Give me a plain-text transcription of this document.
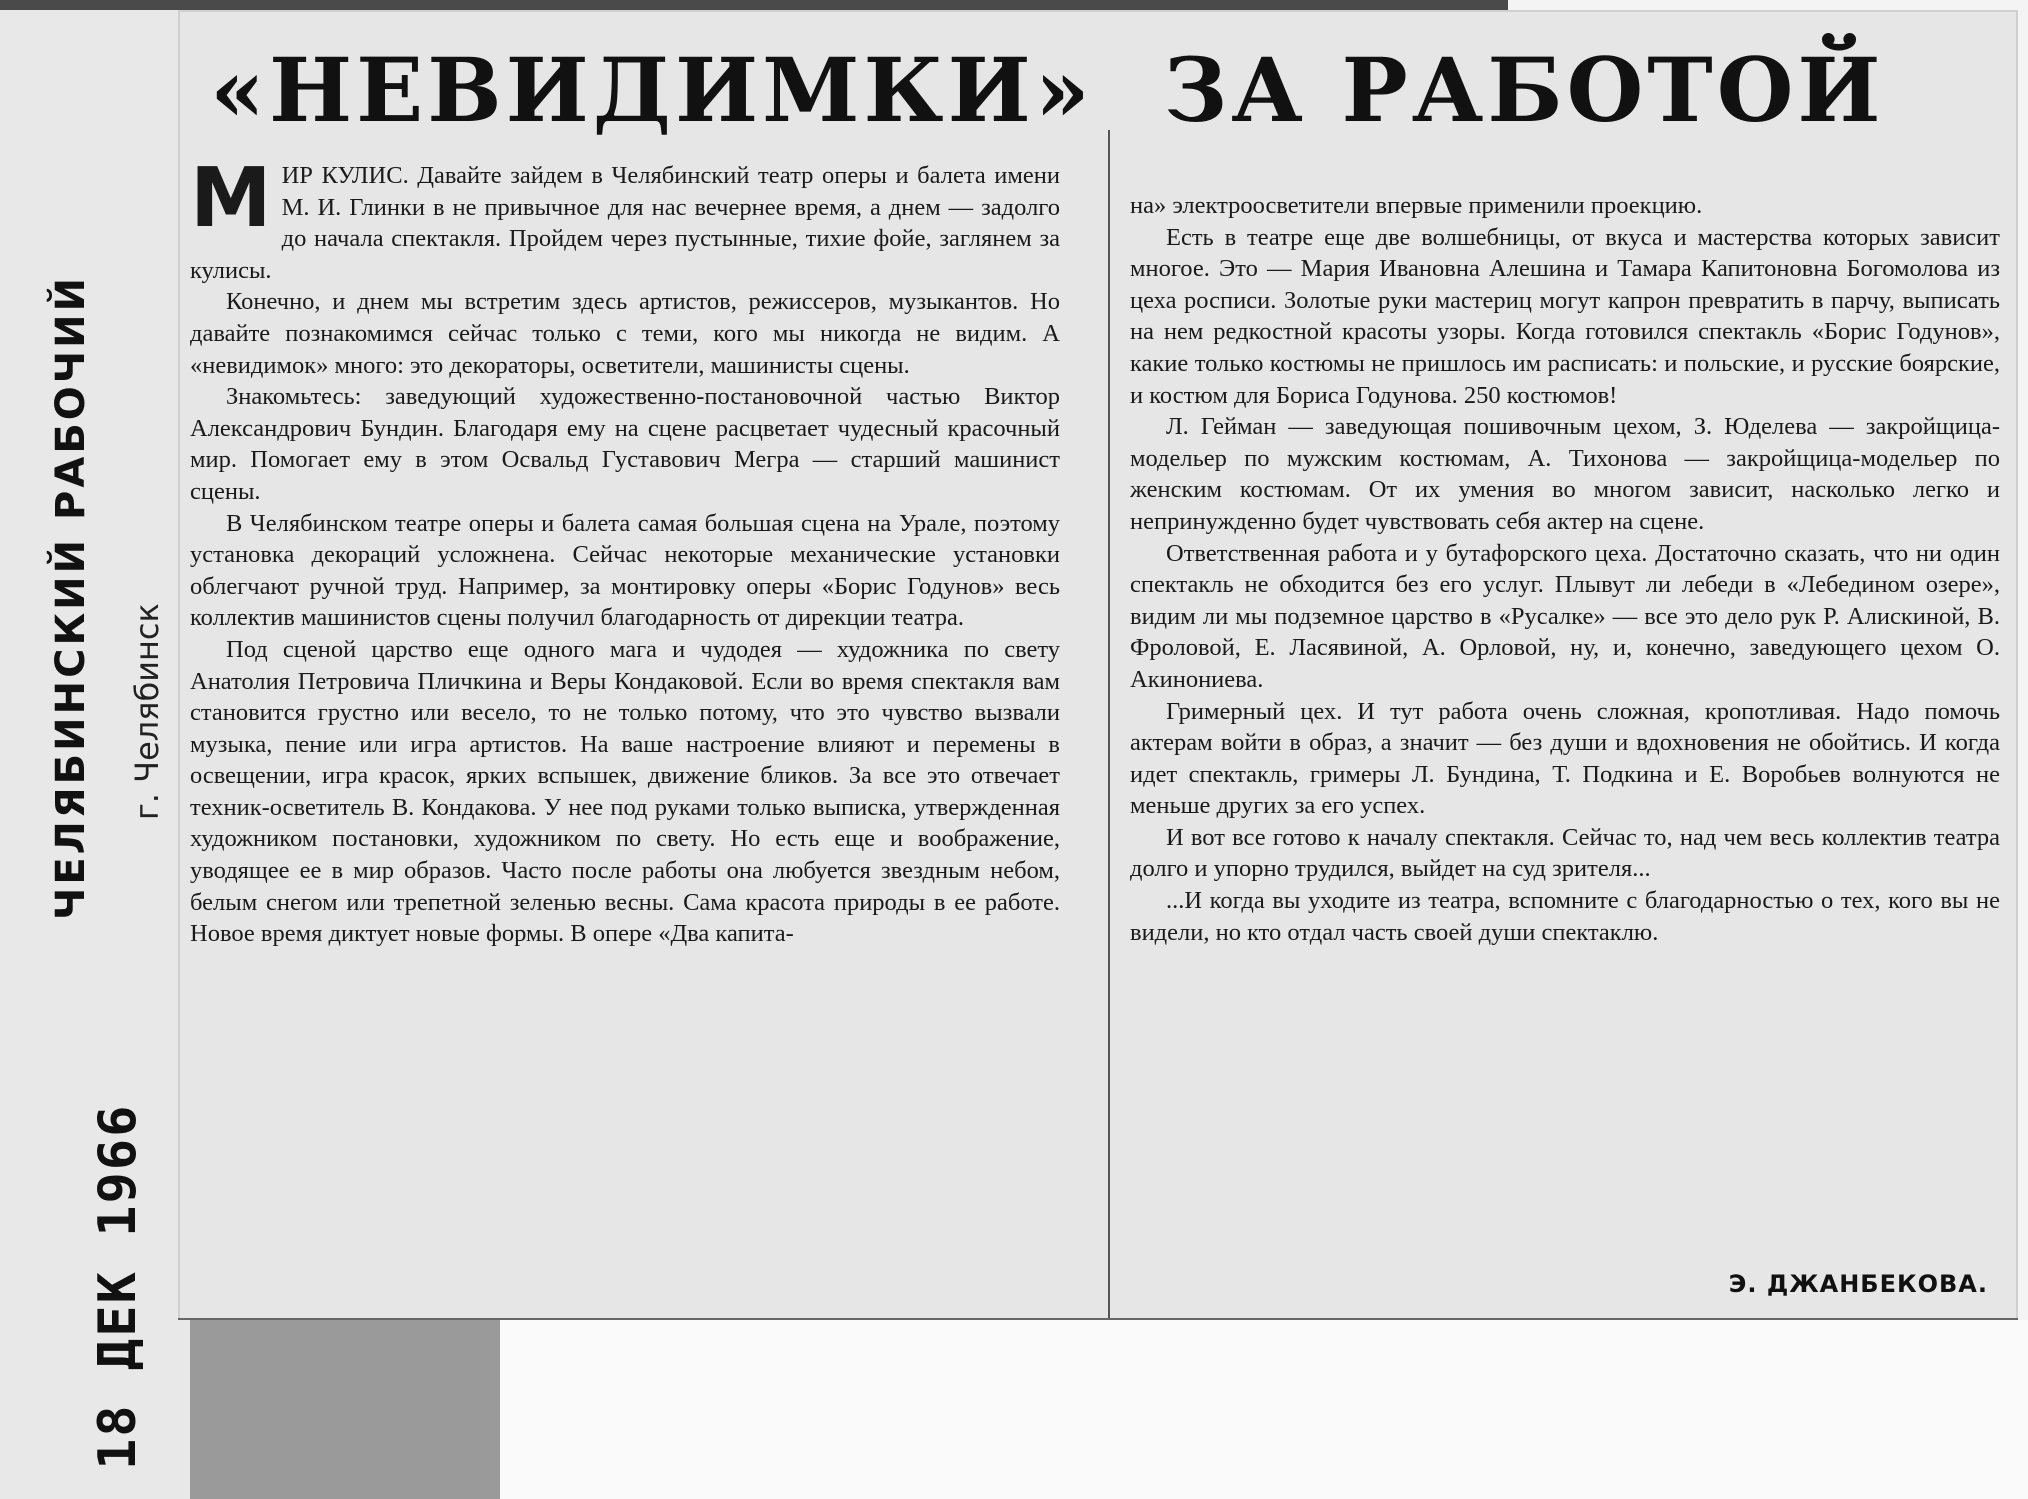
ЧЕЛЯБИНСКИЙ РАБОЧИЙ г. Челябинск
18 ДЕК 1966
«НЕВИДИМКИ» ЗА РАБОТОЙ

МИР КУЛИС. Давайте зайдем в Челябинский театр оперы и балета имени М. И. Глинки в не привычное для нас вечернее время, а днем — задолго до начала спектакля. Пройдем через пустынные, тихие фойе, заглянем за кулисы.

Конечно, и днем мы встретим здесь артистов, режиссеров, музыкантов. Но давайте познакомимся сейчас только с теми, кого мы никогда не видим. А «невидимок» много: это декораторы, осветители, машинисты сцены.

Знакомьтесь: заведующий художественно-постановочной частью Виктор Александрович Бундин. Благодаря ему на сцене расцветает чудесный красочный мир. Помогает ему в этом Освальд Густавович Мегра — старший машинист сцены.

В Челябинском театре оперы и балета самая большая сцена на Урале, поэтому установка декораций усложнена. Сейчас некоторые механические установки облегчают ручной труд. Например, за монтировку оперы «Борис Годунов» весь коллектив машинистов сцены получил благодарность от дирекции театра.

Под сценой царство еще одного мага и чудодея — художника по свету Анатолия Петровича Пличкина и Веры Кондаковой. Если во время спектакля вам становится грустно или весело, то не только потому, что это чувство вызвали музыка, пение или игра артистов. На ваше настроение влияют и перемены в освещении, игра красок, ярких вспышек, движение бликов. За все это отвечает техник-осветитель В. Кондакова. У нее под руками только выписка, утвержденная художником постановки, художником по свету. Но есть еще и воображение, уводящее ее в мир образов. Часто после работы она любуется звездным небом, белым снегом или трепетной зеленью весны. Сама красота природы в ее работе. Новое время диктует новые формы. В опере «Два капита-

на» электроосветители впервые применили проекцию.

Есть в театре еще две волшебницы, от вкуса и мастерства которых зависит многое. Это — Мария Ивановна Алешина и Тамара Капитоновна Богомолова из цеха росписи. Золотые руки мастериц могут капрон превратить в парчу, выписать на нем редкостной красоты узоры. Когда готовился спектакль «Борис Годунов», какие только костюмы не пришлось им расписать: и польские, и русские боярские, и костюм для Бориса Годунова. 250 костюмов!

Л. Гейман — заведующая пошивочным цехом, З. Юделева — закройщица-модельер по мужским костюмам, А. Тихонова — закройщица-модельер по женским костюмам. От их умения во многом зависит, насколько легко и непринужденно будет чувствовать себя актер на сцене.

Ответственная работа и у бутафорского цеха. Достаточно сказать, что ни один спектакль не обходится без его услуг. Плывут ли лебеди в «Лебедином озере», видим ли мы подземное царство в «Русалке» — все это дело рук Р. Алискиной, В. Фроловой, Е. Ласявиной, А. Орловой, ну, и, конечно, заведующего цехом О. Акинониева.

Гримерный цех. И тут работа очень сложная, кропотливая. Надо помочь актерам войти в образ, а значит — без души и вдохновения не обойтись. И когда идет спектакль, гримеры Л. Бундина, Т. Подкина и Е. Воробьев волнуются не меньше других за его успех.

И вот все готово к началу спектакля. Сейчас то, над чем весь коллектив театра долго и упорно трудился, выйдет на суд зрителя...

...И когда вы уходите из театра, вспомните с благодарностью о тех, кого вы не видели, но кто отдал часть своей души спектаклю.

Э. ДЖАНБЕКОВА.
